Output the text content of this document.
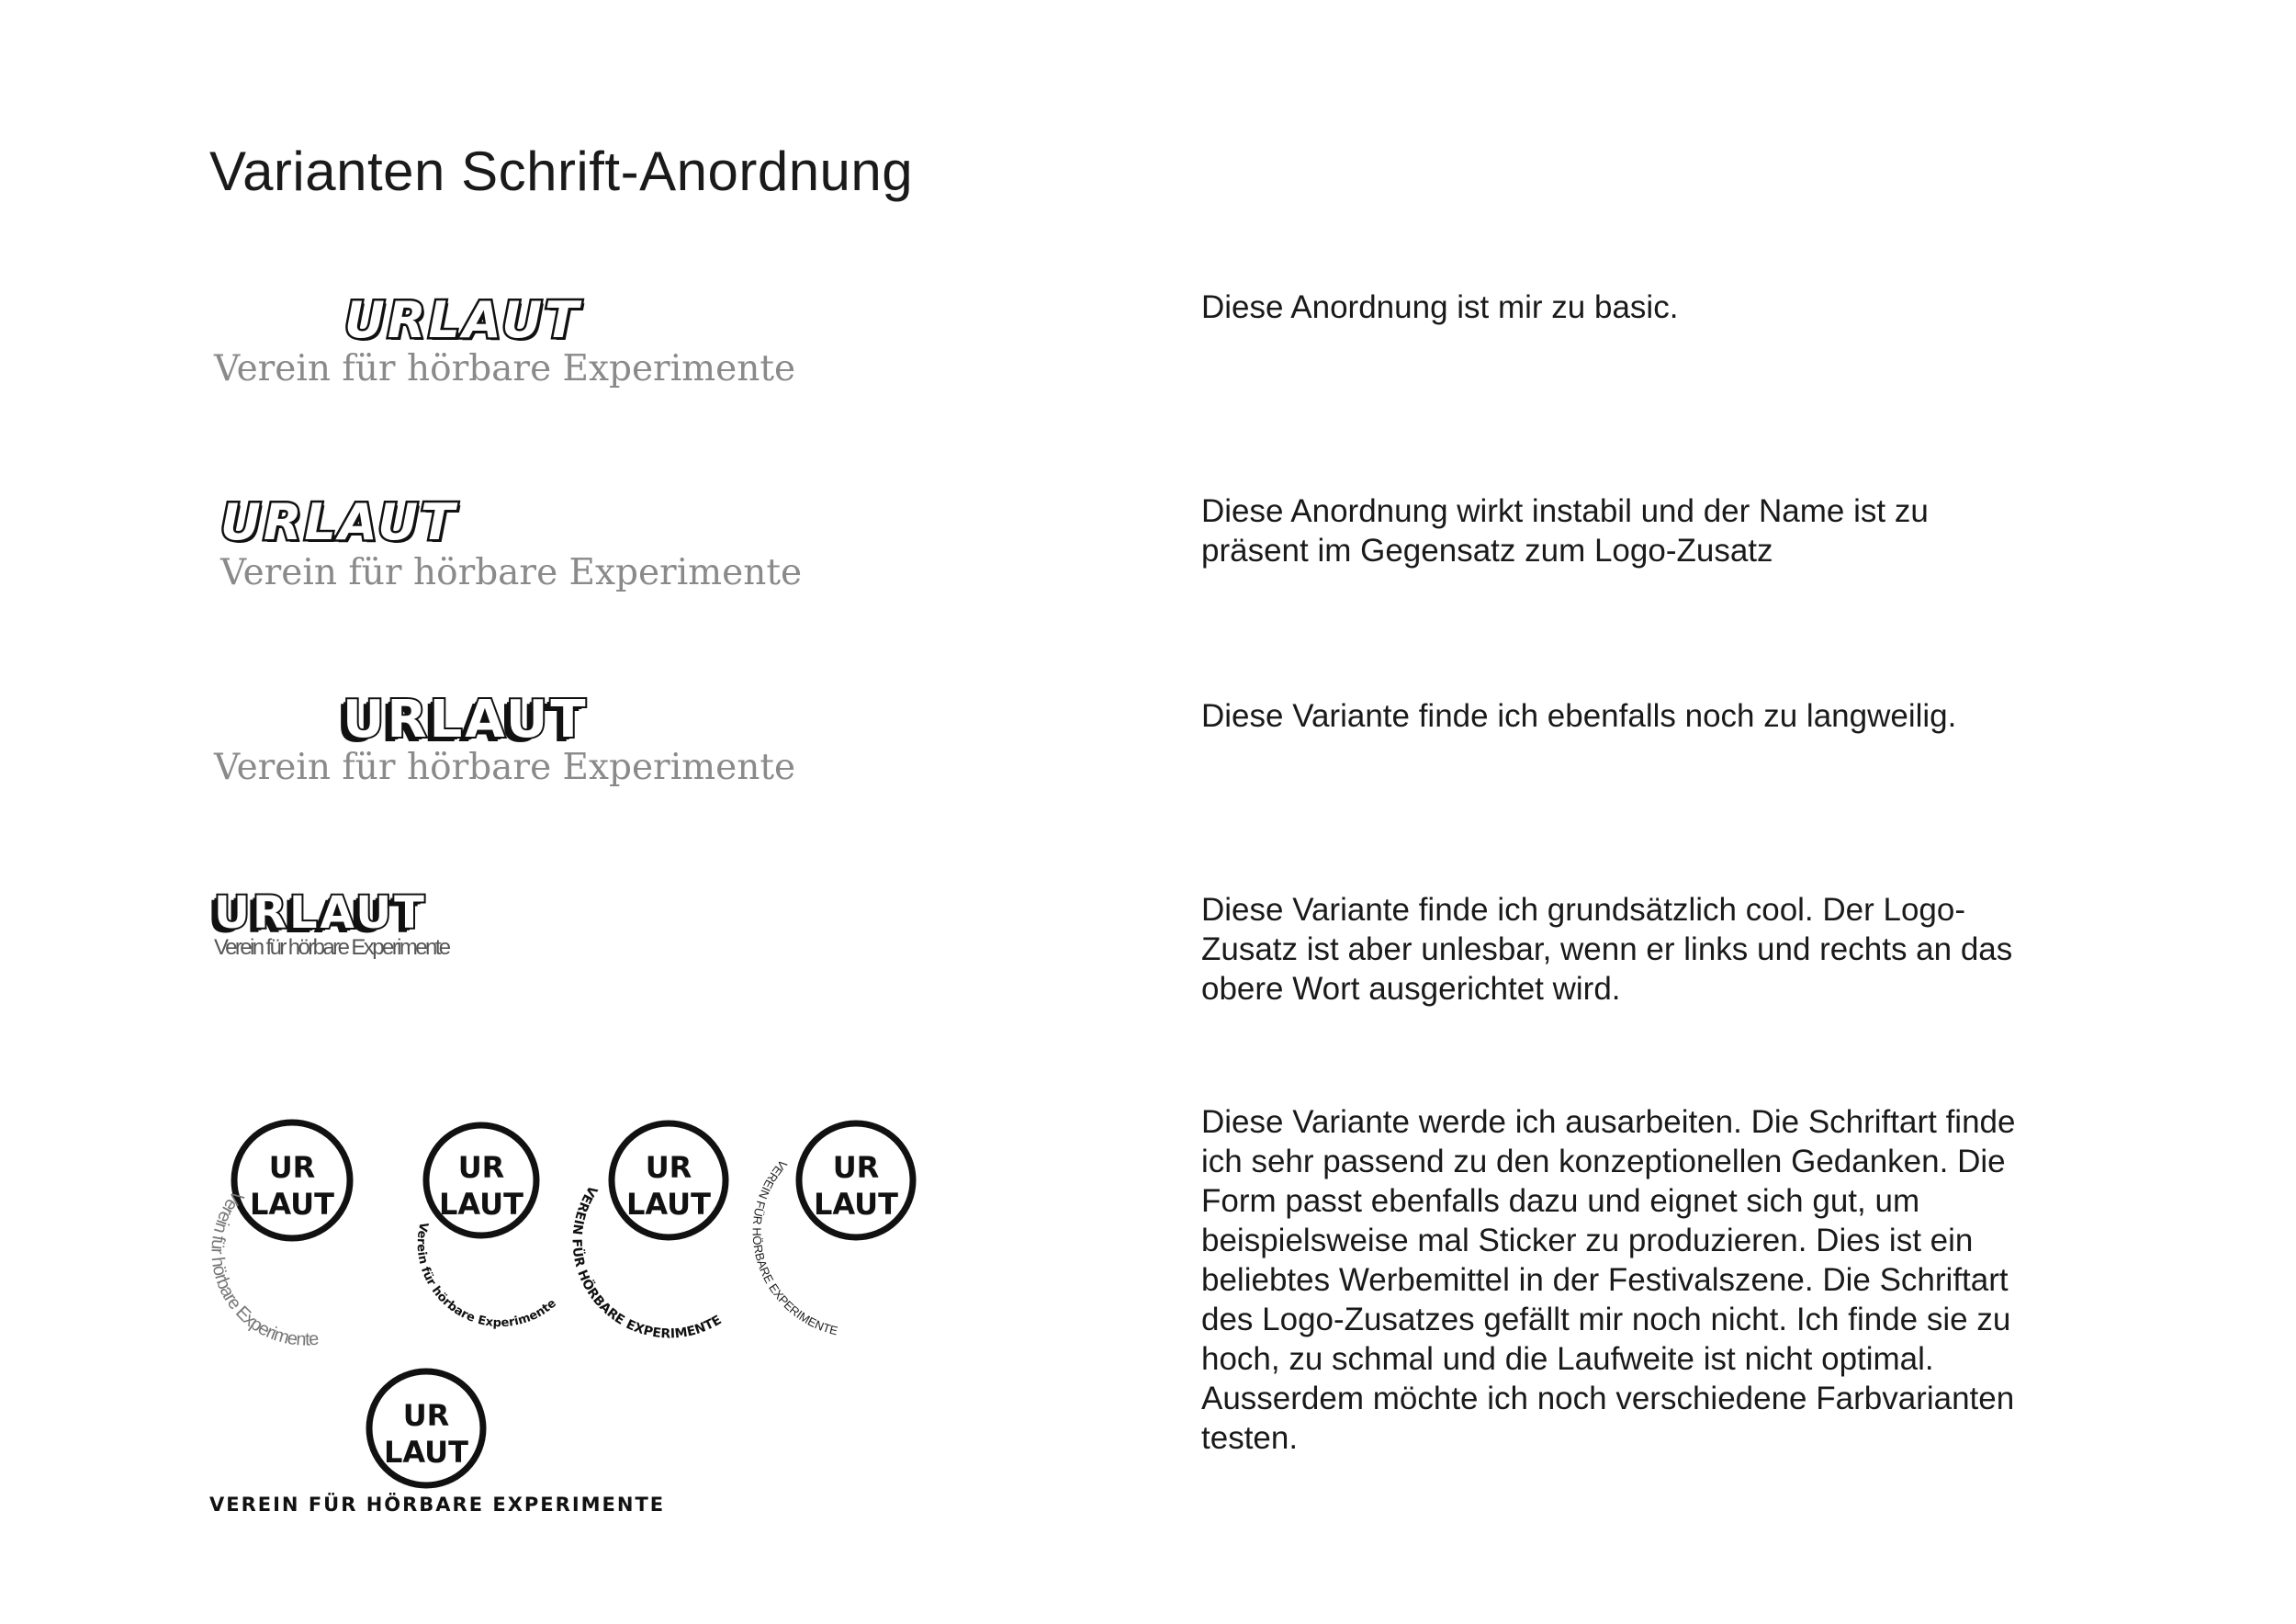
Varianten Schrift-Anordnung
URLAUT
Verein für hörbare Experimente

Diese Anordnung ist mir zu basic.

URLAUT
Verein für hörbare Experimente

Diese Anordnung wirkt instabil und der Name ist zu präsent im Gegensatz zum Logo-Zusatz

URLAUT
Verein für hörbare Experimente

Diese Variante finde ich ebenfalls noch zu langweilig.

URLAUT
Verein für hörbare Experimente

Diese Variante finde ich grundsätzlich cool. Der Logo-Zusatz ist aber unlesbar, wenn er links und rechts an das obere Wort ausgerichtet wird.

UR
LAUT
Verein für hörbare Experimente
UR
LAUT
Verein für hörbare Experimente
UR
LAUT
VEREIN FÜR HÖRBARE EXPERIMENTE
UR
LAUT
VEREIN FÜR HÖRBARE EXPERIMENTE
UR
LAUT
VEREIN FÜR HÖRBARE EXPERIMENTE

Diese Variante werde ich ausarbeiten. Die Schriftart finde ich sehr passend zu den konzeptionellen Gedanken. Die Form passt ebenfalls dazu und eignet sich gut, um beispielsweise mal Sticker zu produzieren. Dies ist ein beliebtes Werbemittel in der Festivalszene. Die Schriftart des Logo-Zusatzes gefällt mir noch nicht. Ich finde sie zu hoch, zu schmal und die Laufweite ist nicht optimal. Ausserdem möchte ich noch verschiedene Farbvarianten testen.
